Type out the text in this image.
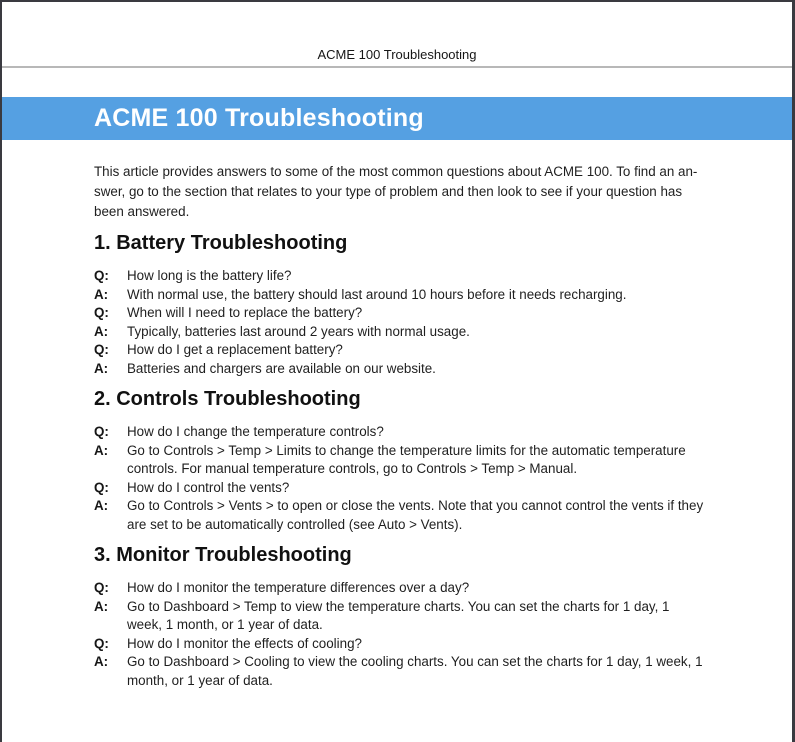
ACME 100 Troubleshooting
ACME 100 Troubleshooting
This article provides answers to some of the most common questions about ACME 100. To find an an-
swer, go to the section that relates to your type of problem and then look to see if your question has
been answered.
1. Battery Troubleshooting
Q:	How long is the battery life?
A:	With normal use, the battery should last around 10 hours before it needs recharging.
Q:	When will I need to replace the battery?
A:	Typically, batteries last around 2 years with normal usage.
Q:	How do I get a replacement battery?
A:	Batteries and chargers are available on our website.
2. Controls Troubleshooting
Q:	How do I change the temperature controls?
A:	Go to Controls > Temp > Limits to change the temperature limits for the automatic temperature
controls. For manual temperature controls, go to Controls > Temp > Manual.
Q:	How do I control the vents?
A:	Go to Controls > Vents > to open or close the vents. Note that you cannot control the vents if they
are set to be automatically controlled (see Auto > Vents).
3. Monitor Troubleshooting
Q:	How do I monitor the temperature differences over a day?
A:	Go to Dashboard > Temp to view the temperature charts. You can set the charts for 1 day, 1
week, 1 month, or 1 year of data.
Q:	How do I monitor the effects of cooling?
A:	Go to Dashboard > Cooling to view the cooling charts. You can set the charts for 1 day, 1 week, 1
month, or 1 year of data.
